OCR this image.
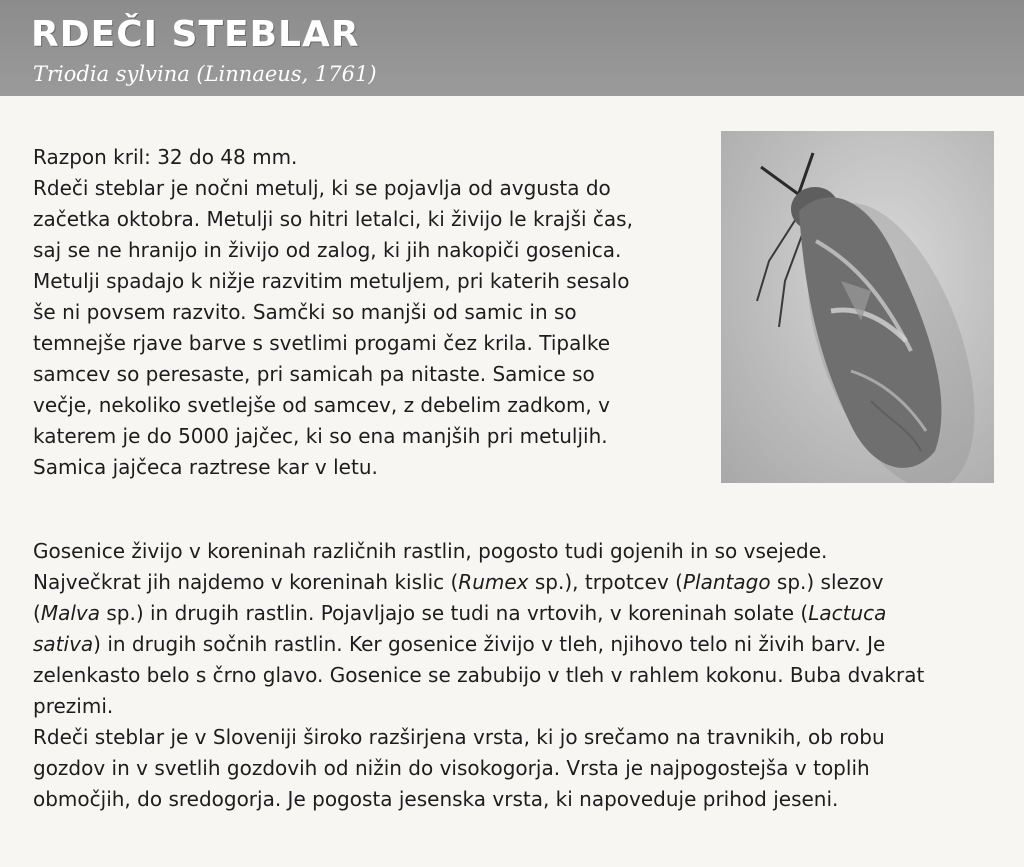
RDEČI STEBLAR
Triodia sylvina (Linnaeus, 1761)
Razpon kril: 32 do 48 mm.
Rdeči steblar je nočni metulj, ki se pojavlja od avgusta do
začetka oktobra. Metulji so hitri letalci, ki živijo le krajši čas,
saj se ne hranijo in živijo od zalog, ki jih nakopiči gosenica.
Metulji spadajo k nižje razvitim metuljem, pri katerih sesalo
še ni povsem razvito. Samčki so manjši od samic in so
temnejše rjave barve s svetlimi progami čez krila. Tipalke
samcev so peresaste, pri samicah pa nitaste. Samice so
večje, nekoliko svetlejše od samcev, z debelim zadkom, v
katerem je do 5000 jajčec, ki so ena manjših pri metuljih.
Samica jajčeca raztrese kar v letu.
Gosenice živijo v koreninah različnih rastlin, pogosto tudi gojenih in so vsejede.
Največkrat jih najdemo v koreninah kislic (Rumex sp.), trpotcev (Plantago sp.) slezov
(Malva sp.) in drugih rastlin. Pojavljajo se tudi na vrtovih, v koreninah solate (Lactuca
sativa) in drugih sočnih rastlin. Ker gosenice živijo v tleh, njihovo telo ni živih barv. Je
zelenkasto belo s črno glavo. Gosenice se zabubijo v tleh v rahlem kokonu. Buba dvakrat
prezimi.
Rdeči steblar je v Sloveniji široko razširjena vrsta, ki jo srečamo na travnikih, ob robu
gozdov in v svetlih gozdovih od nižin do visokogorja. Vrsta je najpogostejša v toplih
območjih, do sredogorja. Je pogosta jesenska vrsta, ki napoveduje prihod jeseni.
